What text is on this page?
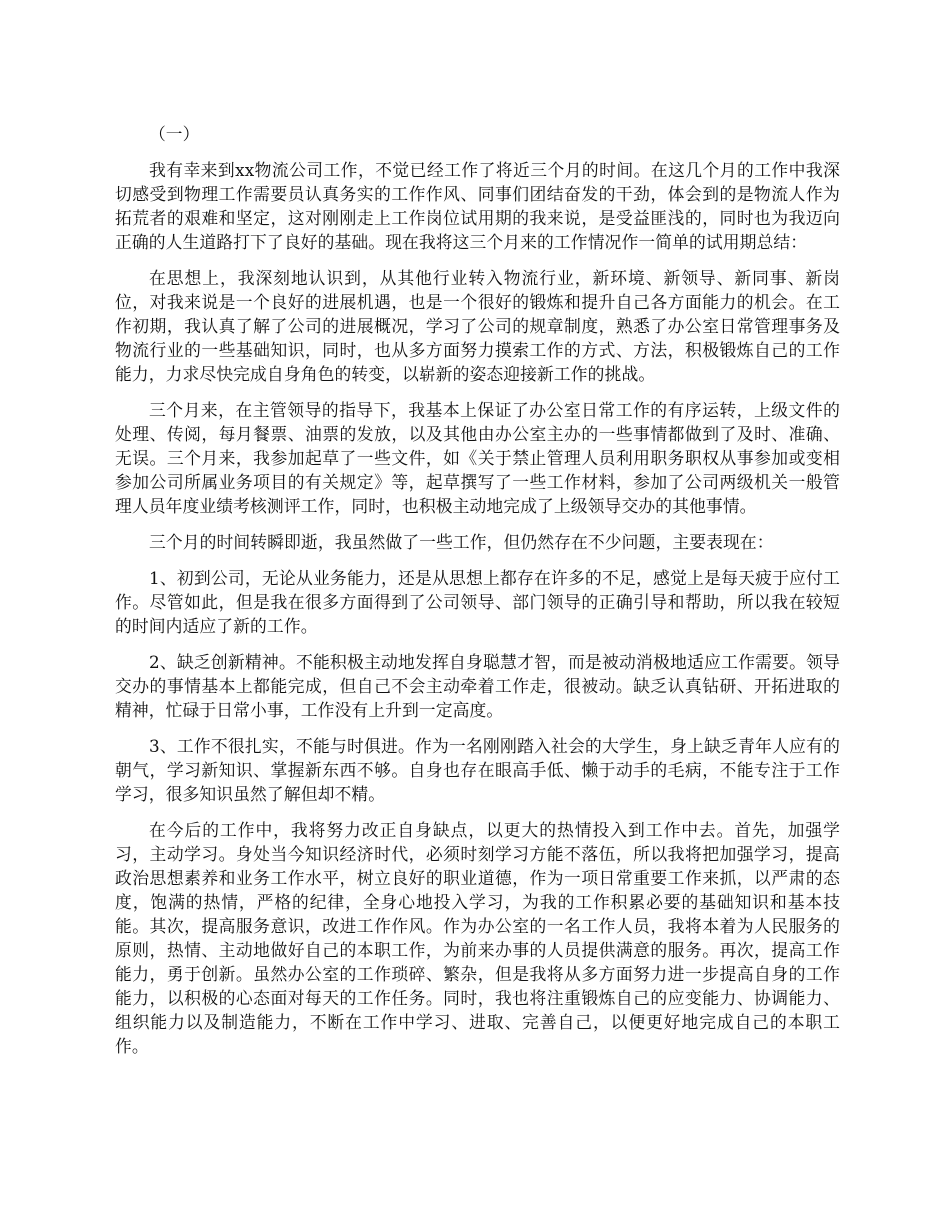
（一）

我有幸来到xx物流公司工作，不觉已经工作了将近三个月的时间。在这几个月的工作中我深切感受到物理工作需要员认真务实的工作作风、同事们团结奋发的干劲，体会到的是物流人作为拓荒者的艰难和坚定，这对刚刚走上工作岗位试用期的我来说，是受益匪浅的，同时也为我迈向正确的人生道路打下了良好的基础。现在我将这三个月来的工作情况作一简单的试用期总结：

在思想上，我深刻地认识到，从其他行业转入物流行业，新环境、新领导、新同事、新岗位，对我来说是一个良好的进展机遇，也是一个很好的锻炼和提升自己各方面能力的机会。在工作初期，我认真了解了公司的进展概况，学习了公司的规章制度，熟悉了办公室日常管理事务及物流行业的一些基础知识，同时，也从多方面努力摸索工作的方式、方法，积极锻炼自己的工作能力，力求尽快完成自身角色的转变，以崭新的姿态迎接新工作的挑战。

三个月来，在主管领导的指导下，我基本上保证了办公室日常工作的有序运转，上级文件的处理、传阅，每月餐票、油票的发放，以及其他由办公室主办的一些事情都做到了及时、准确、无误。三个月来，我参加起草了一些文件，如《关于禁止管理人员利用职务职权从事参加或变相参加公司所属业务项目的有关规定》等，起草撰写了一些工作材料，参加了公司两级机关一般管理人员年度业绩考核测评工作，同时，也积极主动地完成了上级领导交办的其他事情。

三个月的时间转瞬即逝，我虽然做了一些工作，但仍然存在不少问题，主要表现在：

1、初到公司，无论从业务能力，还是从思想上都存在许多的不足，感觉上是每天疲于应付工作。尽管如此，但是我在很多方面得到了公司领导、部门领导的正确引导和帮助，所以我在较短的时间内适应了新的工作。

2、缺乏创新精神。不能积极主动地发挥自身聪慧才智，而是被动消极地适应工作需要。领导交办的事情基本上都能完成，但自己不会主动牵着工作走，很被动。缺乏认真钻研、开拓进取的精神，忙碌于日常小事，工作没有上升到一定高度。

3、工作不很扎实，不能与时俱进。作为一名刚刚踏入社会的大学生，身上缺乏青年人应有的朝气，学习新知识、掌握新东西不够。自身也存在眼高手低、懒于动手的毛病，不能专注于工作学习，很多知识虽然了解但却不精。

在今后的工作中，我将努力改正自身缺点，以更大的热情投入到工作中去。首先，加强学习，主动学习。身处当今知识经济时代，必须时刻学习方能不落伍，所以我将把加强学习，提高政治思想素养和业务工作水平，树立良好的职业道德，作为一项日常重要工作来抓，以严肃的态度，饱满的热情，严格的纪律，全身心地投入学习，为我的工作积累必要的基础知识和基本技能。其次，提高服务意识，改进工作作风。作为办公室的一名工作人员，我将本着为人民服务的原则，热情、主动地做好自己的本职工作，为前来办事的人员提供满意的服务。再次，提高工作能力，勇于创新。虽然办公室的工作琐碎、繁杂，但是我将从多方面努力进一步提高自身的工作能力，以积极的心态面对每天的工作任务。同时，我也将注重锻炼自己的应变能力、协调能力、组织能力以及制造能力，不断在工作中学习、进取、完善自己，以便更好地完成自己的本职工作。
